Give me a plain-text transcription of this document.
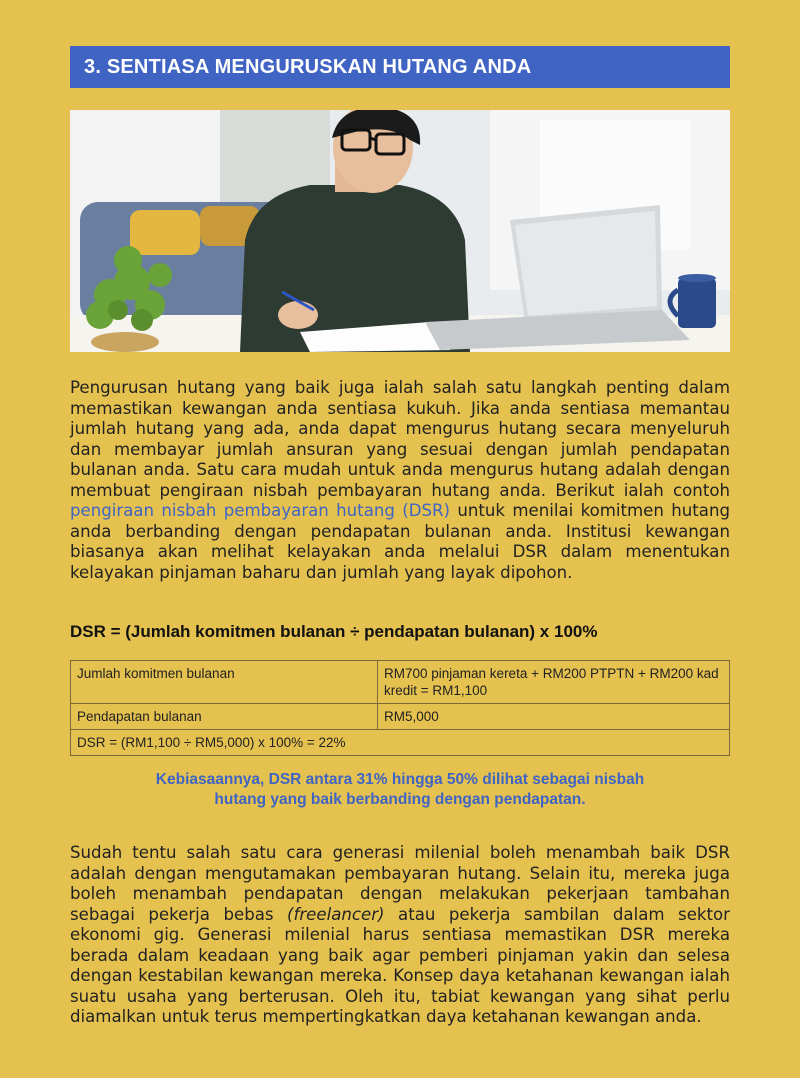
3. SENTIASA MENGURUSKAN HUTANG ANDA

Pengurusan hutang yang baik juga ialah salah satu langkah penting dalam memastikan kewangan anda sentiasa kukuh. Jika anda sentiasa memantau jumlah hutang yang ada, anda dapat mengurus hutang secara menyeluruh dan membayar jumlah ansuran yang sesuai dengan jumlah pendapatan bulanan anda. Satu cara mudah untuk anda mengurus hutang adalah dengan membuat pengiraan nisbah pembayaran hutang anda. Berikut ialah contoh pengiraan nisbah pembayaran hutang (DSR) untuk menilai komitmen hutang anda berbanding dengan pendapatan bulanan anda. Institusi kewangan biasanya akan melihat kelayakan anda melalui DSR dalam menentukan kelayakan pinjaman baharu dan jumlah yang layak dipohon.

DSR = (Jumlah komitmen bulanan ÷ pendapatan bulanan) x 100%
Jumlah komitmen bulanan	RM700 pinjaman kereta + RM200 PTPTN + RM200 kad kredit = RM1,100
Pendapatan bulanan	RM5,000
DSR = (RM1,100 ÷ RM5,000) x 100% = 22%	
Kebiasaannya, DSR antara 31% hingga 50% dilihat sebagai nisbah
hutang yang baik berbanding dengan pendapatan.

Sudah tentu salah satu cara generasi milenial boleh menambah baik DSR adalah dengan mengutamakan pembayaran hutang. Selain itu, mereka juga boleh menambah pendapatan dengan melakukan pekerjaan tambahan sebagai pekerja bebas (freelancer) atau pekerja sambilan dalam sektor ekonomi gig. Generasi milenial harus sentiasa memastikan DSR mereka berada dalam keadaan yang baik agar pemberi pinjaman yakin dan selesa dengan kestabilan kewangan mereka. Konsep daya ketahanan kewangan ialah suatu usaha yang berterusan. Oleh itu, tabiat kewangan yang sihat perlu diamalkan untuk terus mempertingkatkan daya ketahanan kewangan anda.
